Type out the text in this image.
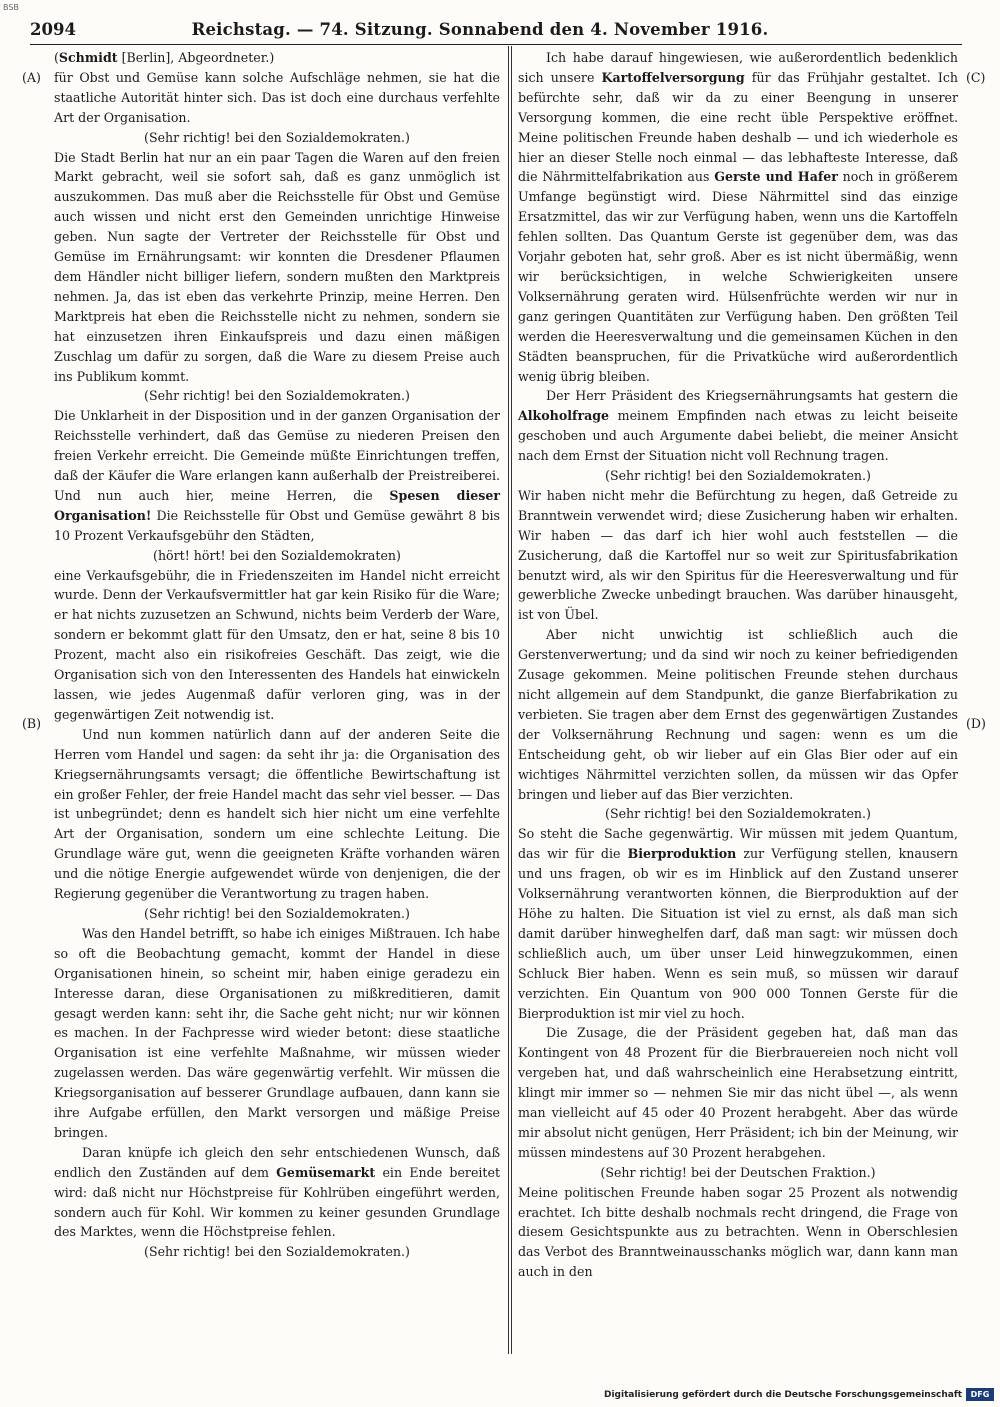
BSB
2094	Reichstag. — 74. Sitzung. Sonnabend den 4. November 1916.

(Schmidt [Berlin], Abgeordneter.)

für Obst und Gemüse kann solche Aufschläge nehmen, sie hat die staatliche Autorität hinter sich. Das ist doch eine durchaus verfehlte Art der Organisation.

(Sehr richtig! bei den Sozialdemokraten.)

Die Stadt Berlin hat nur an ein paar Tagen die Waren auf den freien Markt gebracht, weil sie sofort sah, daß es ganz unmöglich ist auszukommen. Das muß aber die Reichsstelle für Obst und Gemüse auch wissen und nicht erst den Gemeinden unrichtige Hinweise geben. Nun sagte der Vertreter der Reichsstelle für Obst und Gemüse im Ernährungsamt: wir konnten die Dresdener Pflaumen dem Händler nicht billiger liefern, sondern mußten den Marktpreis nehmen. Ja, das ist eben das verkehrte Prinzip, meine Herren. Den Marktpreis hat eben die Reichsstelle nicht zu nehmen, sondern sie hat einzusetzen ihren Einkaufspreis und dazu einen mäßigen Zuschlag um dafür zu sorgen, daß die Ware zu diesem Preise auch ins Publikum kommt.

(Sehr richtig! bei den Sozialdemokraten.)

Die Unklarheit in der Disposition und in der ganzen Organisation der Reichsstelle verhindert, daß das Gemüse zu niederen Preisen den freien Verkehr erreicht. Die Gemeinde müßte Einrichtungen treffen, daß der Käufer die Ware erlangen kann außerhalb der Preistreiberei. Und nun auch hier, meine Herren, die Spesen dieser Organisation! Die Reichsstelle für Obst und Gemüse gewährt 8 bis 10 Prozent Verkaufsgebühr den Städten,

(hört! hört! bei den Sozialdemokraten)

eine Verkaufsgebühr, die in Friedenszeiten im Handel nicht erreicht wurde. Denn der Verkaufsvermittler hat gar kein Risiko für die Ware; er hat nichts zuzusetzen an Schwund, nichts beim Verderb der Ware, sondern er bekommt glatt für den Umsatz, den er hat, seine 8 bis 10 Prozent, macht also ein risikofreies Geschäft. Das zeigt, wie die Organisation sich von den Interessenten des Handels hat einwickeln lassen, wie jedes Augenmaß dafür verloren ging, was in der gegenwärtigen Zeit notwendig ist.

Und nun kommen natürlich dann auf der anderen Seite die Herren vom Handel und sagen: da seht ihr ja: die Organisation des Kriegsernährungsamts versagt; die öffentliche Bewirtschaftung ist ein großer Fehler, der freie Handel macht das sehr viel besser. — Das ist unbegründet; denn es handelt sich hier nicht um eine verfehlte Art der Organisation, sondern um eine schlechte Leitung. Die Grundlage wäre gut, wenn die geeigneten Kräfte vorhanden wären und die nötige Energie aufgewendet würde von denjenigen, die der Regierung gegenüber die Verantwortung zu tragen haben.

(Sehr richtig! bei den Sozialdemokraten.)

Was den Handel betrifft, so habe ich einiges Mißtrauen. Ich habe so oft die Beobachtung gemacht, kommt der Handel in diese Organisationen hinein, so scheint mir, haben einige geradezu ein Interesse daran, diese Organisationen zu mißkreditieren, damit gesagt werden kann: seht ihr, die Sache geht nicht; nur wir können es machen. In der Fachpresse wird wieder betont: diese staatliche Organisation ist eine verfehlte Maßnahme, wir müssen wieder zugelassen werden. Das wäre gegenwärtig verfehlt. Wir müssen die Kriegsorganisation auf besserer Grundlage aufbauen, dann kann sie ihre Aufgabe erfüllen, den Markt versorgen und mäßige Preise bringen.

Daran knüpfe ich gleich den sehr entschiedenen Wunsch, daß endlich den Zuständen auf dem Gemüsemarkt ein Ende bereitet wird: daß nicht nur Höchstpreise für Kohlrüben eingeführt werden, sondern auch für Kohl. Wir kommen zu keiner gesunden Grundlage des Marktes, wenn die Höchstpreise fehlen.

(Sehr richtig! bei den Sozialdemokraten.)

Ich habe darauf hingewiesen, wie außerordentlich bedenklich sich unsere Kartoffelversorgung für das Frühjahr gestaltet. Ich befürchte sehr, daß wir da zu einer Beengung in unserer Versorgung kommen, die eine recht üble Perspektive eröffnet. Meine politischen Freunde haben deshalb — und ich wiederhole es hier an dieser Stelle noch einmal — das lebhafteste Interesse, daß die Nährmittelfabrikation aus Gerste und Hafer noch in größerem Umfange begünstigt wird. Diese Nährmittel sind das einzige Ersatzmittel, das wir zur Verfügung haben, wenn uns die Kartoffeln fehlen sollten. Das Quantum Gerste ist gegenüber dem, was das Vorjahr geboten hat, sehr groß. Aber es ist nicht übermäßig, wenn wir berücksichtigen, in welche Schwierigkeiten unsere Volksernährung geraten wird. Hülsenfrüchte werden wir nur in ganz geringen Quantitäten zur Verfügung haben. Den größten Teil werden die Heeresverwaltung und die gemeinsamen Küchen in den Städten beanspruchen, für die Privatküche wird außerordentlich wenig übrig bleiben.

Der Herr Präsident des Kriegsernährungsamts hat gestern die Alkoholfrage meinem Empfinden nach etwas zu leicht beiseite geschoben und auch Argumente dabei beliebt, die meiner Ansicht nach dem Ernst der Situation nicht voll Rechnung tragen.

(Sehr richtig! bei den Sozialdemokraten.)

Wir haben nicht mehr die Befürchtung zu hegen, daß Getreide zu Branntwein verwendet wird; diese Zusicherung haben wir erhalten. Wir haben — das darf ich hier wohl auch feststellen — die Zusicherung, daß die Kartoffel nur so weit zur Spiritusfabrikation benutzt wird, als wir den Spiritus für die Heeresverwaltung und für gewerbliche Zwecke unbedingt brauchen. Was darüber hinausgeht, ist von Übel.

Aber nicht unwichtig ist schließlich auch die Gerstenverwertung; und da sind wir noch zu keiner befriedigenden Zusage gekommen. Meine politischen Freunde stehen durchaus nicht allgemein auf dem Standpunkt, die ganze Bierfabrikation zu verbieten. Sie tragen aber dem Ernst des gegenwärtigen Zustandes der Volksernährung Rechnung und sagen: wenn es um die Entscheidung geht, ob wir lieber auf ein Glas Bier oder auf ein wichtiges Nährmittel verzichten sollen, da müssen wir das Opfer bringen und lieber auf das Bier verzichten.

(Sehr richtig! bei den Sozialdemokraten.)

So steht die Sache gegenwärtig. Wir müssen mit jedem Quantum, das wir für die Bierproduktion zur Verfügung stellen, knausern und uns fragen, ob wir es im Hinblick auf den Zustand unserer Volksernährung verantworten können, die Bierproduktion auf der Höhe zu halten. Die Situation ist viel zu ernst, als daß man sich damit darüber hinweghelfen darf, daß man sagt: wir müssen doch schließlich auch, um über unser Leid hinwegzukommen, einen Schluck Bier haben. Wenn es sein muß, so müssen wir darauf verzichten. Ein Quantum von 900 000 Tonnen Gerste für die Bierproduktion ist mir viel zu hoch.

Die Zusage, die der Präsident gegeben hat, daß man das Kontingent von 48 Prozent für die Bierbrauereien noch nicht voll vergeben hat, und daß wahrscheinlich eine Herabsetzung eintritt, klingt mir immer so — nehmen Sie mir das nicht übel —, als wenn man vielleicht auf 45 oder 40 Prozent herabgeht. Aber das würde mir absolut nicht genügen, Herr Präsident; ich bin der Meinung, wir müssen mindestens auf 30 Prozent herabgehen.

(Sehr richtig! bei der Deutschen Fraktion.)

Meine politischen Freunde haben sogar 25 Prozent als notwendig erachtet. Ich bitte deshalb nochmals recht dringend, die Frage von diesem Gesichtspunkte aus zu betrachten. Wenn in Oberschlesien das Verbot des Branntweinausschanks möglich war, dann kann man auch in den

(A)
(B)
(C)
(D)
Digitalisierung gefördert durch die Deutsche Forschungsgemeinschaft	DFG
